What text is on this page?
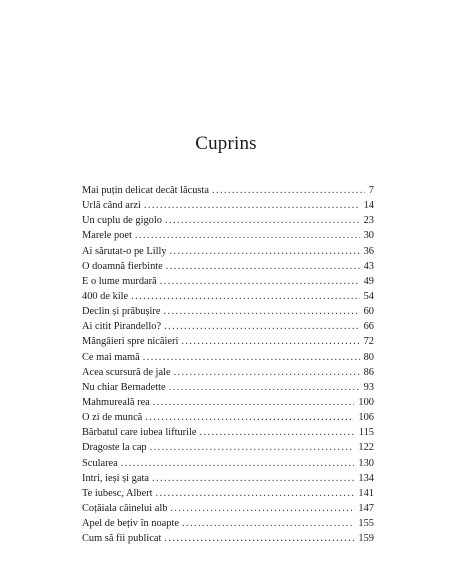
Cuprins
Mai puțin delicat decât lăcusta . . .	7
Urlă când arzi . . .	14
Un cuplu de gigolo . . .	23
Marele poet . . .	30
Ai sărutat-o pe Lilly . . .	36
O doamnă fierbinte . . .	43
E o lume murdară . . .	49
400 de kile . . .	54
Declin și prăbușire . . .	60
Ai citit Pirandello? . . .	66
Mângâieri spre nicăieri . . .	72
Ce mai mamă . . .	80
Acea scursură de jale . . .	86
Nu chiar Bernadette . . .	93
Mahmureală rea . . .	100
O zi de muncă . . .	106
Bărbatul care iubea lifturile . . .	115
Dragoste la cap . . .	122
Scularea . . .	130
Intri, ieși și gata . . .	134
Te iubesc, Albert . . .	141
Coțăiala câinelui alb . . .	147
Apel de bețiv în noapte . . .	155
Cum să fii publicat . . .	159
